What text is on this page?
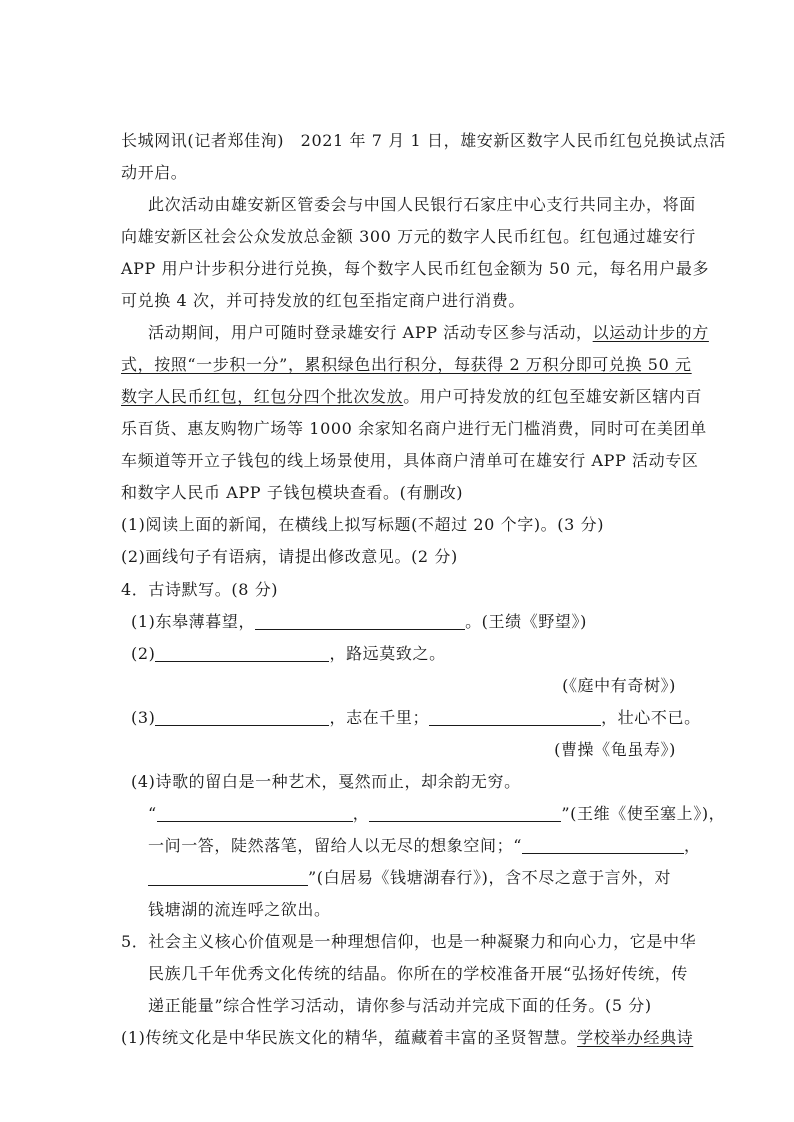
长城网讯(记者郑佳洵)　2021 年 7 月 1 日，雄安新区数字人民币红包兑换试点活
动开启。
此次活动由雄安新区管委会与中国人民银行石家庄中心支行共同主办，将面
向雄安新区社会公众发放总金额 300 万元的数字人民币红包。红包通过雄安行
APP 用户计步积分进行兑换，每个数字人民币红包金额为 50 元，每名用户最多
可兑换 4 次，并可持发放的红包至指定商户进行消费。
活动期间，用户可随时登录雄安行 APP 活动专区参与活动，以运动计步的方
式，按照“一步积一分”，累积绿色出行积分，每获得 2 万积分即可兑换 50 元
数字人民币红包，红包分四个批次发放。用户可持发放的红包至雄安新区辖内百
乐百货、惠友购物广场等 1000 余家知名商户进行无门槛消费，同时可在美团单
车频道等开立子钱包的线上场景使用，具体商户清单可在雄安行 APP 活动专区
和数字人民币 APP 子钱包模块查看。(有删改)
(1)阅读上面的新闻，在横线上拟写标题(不超过 20 个字)。(3 分)
(2)画线句子有语病，请提出修改意见。(2 分)
4．古诗默写。(8 分)
(1)东皋薄暮望，	。(王绩《野望》)
(2)	，路远莫致之。
(《庭中有奇树》)
(3)	，志在千里；	，壮心不已。
(曹操《龟虽寿》)
(4)诗歌的留白是一种艺术，戛然而止，却余韵无穷。
“	，	”(王维《使至塞上》)，
一问一答，陡然落笔，留给人以无尽的想象空间；“	，
”(白居易《钱塘湖春行》)，含不尽之意于言外，对
钱塘湖的流连呼之欲出。
5．社会主义核心价值观是一种理想信仰，也是一种凝聚力和向心力，它是中华
民族几千年优秀文化传统的结晶。你所在的学校准备开展“弘扬好传统，传
递正能量”综合性学习活动，请你参与活动并完成下面的任务。(5 分)
(1)传统文化是中华民族文化的精华，蕴藏着丰富的圣贤智慧。学校举办经典诗
